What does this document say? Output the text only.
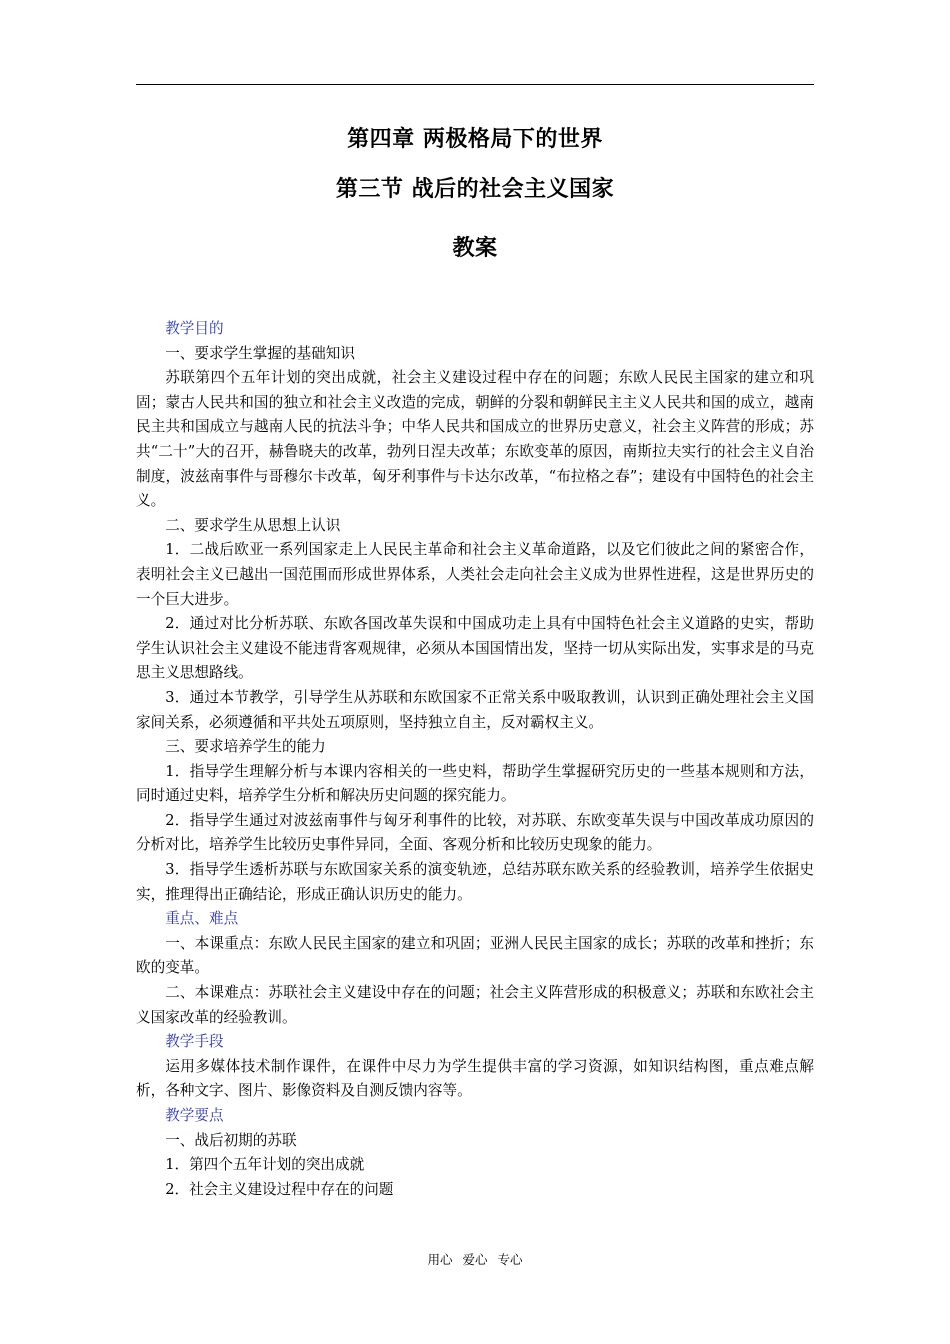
第四章 两极格局下的世界
第三节 战后的社会主义国家
教案

教学目的

一、要求学生掌握的基础知识

苏联第四个五年计划的突出成就，社会主义建设过程中存在的问题；东欧人民民主国家的建立和巩固；蒙古人民共和国的独立和社会主义改造的完成，朝鲜的分裂和朝鲜民主主义人民共和国的成立，越南民主共和国成立与越南人民的抗法斗争；中华人民共和国成立的世界历史意义，社会主义阵营的形成；苏共“二十”大的召开，赫鲁晓夫的改革，勃列日涅夫改革；东欧变革的原因，南斯拉夫实行的社会主义自治制度，波兹南事件与哥穆尔卡改革，匈牙利事件与卡达尔改革，“布拉格之春”；建设有中国特色的社会主义。

二、要求学生从思想上认识

1．二战后欧亚一系列国家走上人民民主革命和社会主义革命道路，以及它们彼此之间的紧密合作，表明社会主义已越出一国范围而形成世界体系，人类社会走向社会主义成为世界性进程，这是世界历史的一个巨大进步。

2．通过对比分析苏联、东欧各国改革失误和中国成功走上具有中国特色社会主义道路的史实，帮助学生认识社会主义建设不能违背客观规律，必须从本国国情出发，坚持一切从实际出发，实事求是的马克思主义思想路线。

3．通过本节教学，引导学生从苏联和东欧国家不正常关系中吸取教训，认识到正确处理社会主义国家间关系，必须遵循和平共处五项原则，坚持独立自主，反对霸权主义。

三、要求培养学生的能力

1．指导学生理解分析与本课内容相关的一些史料，帮助学生掌握研究历史的一些基本规则和方法，同时通过史料，培养学生分析和解决历史问题的探究能力。

2．指导学生通过对波兹南事件与匈牙利事件的比较，对苏联、东欧变革失误与中国改革成功原因的分析对比，培养学生比较历史事件异同，全面、客观分析和比较历史现象的能力。

3．指导学生透析苏联与东欧国家关系的演变轨迹，总结苏联东欧关系的经验教训，培养学生依据史实，推理得出正确结论，形成正确认识历史的能力。

重点、难点

一、本课重点：东欧人民民主国家的建立和巩固；亚洲人民民主国家的成长；苏联的改革和挫折；东欧的变革。

二、本课难点：苏联社会主义建设中存在的问题；社会主义阵营形成的积极意义；苏联和东欧社会主义国家改革的经验教训。

教学手段

运用多媒体技术制作课件，在课件中尽力为学生提供丰富的学习资源，如知识结构图，重点难点解析，各种文字、图片、影像资料及自测反馈内容等。

教学要点

一、战后初期的苏联

1．第四个五年计划的突出成就

2．社会主义建设过程中存在的问题

用心 爱心 专心
